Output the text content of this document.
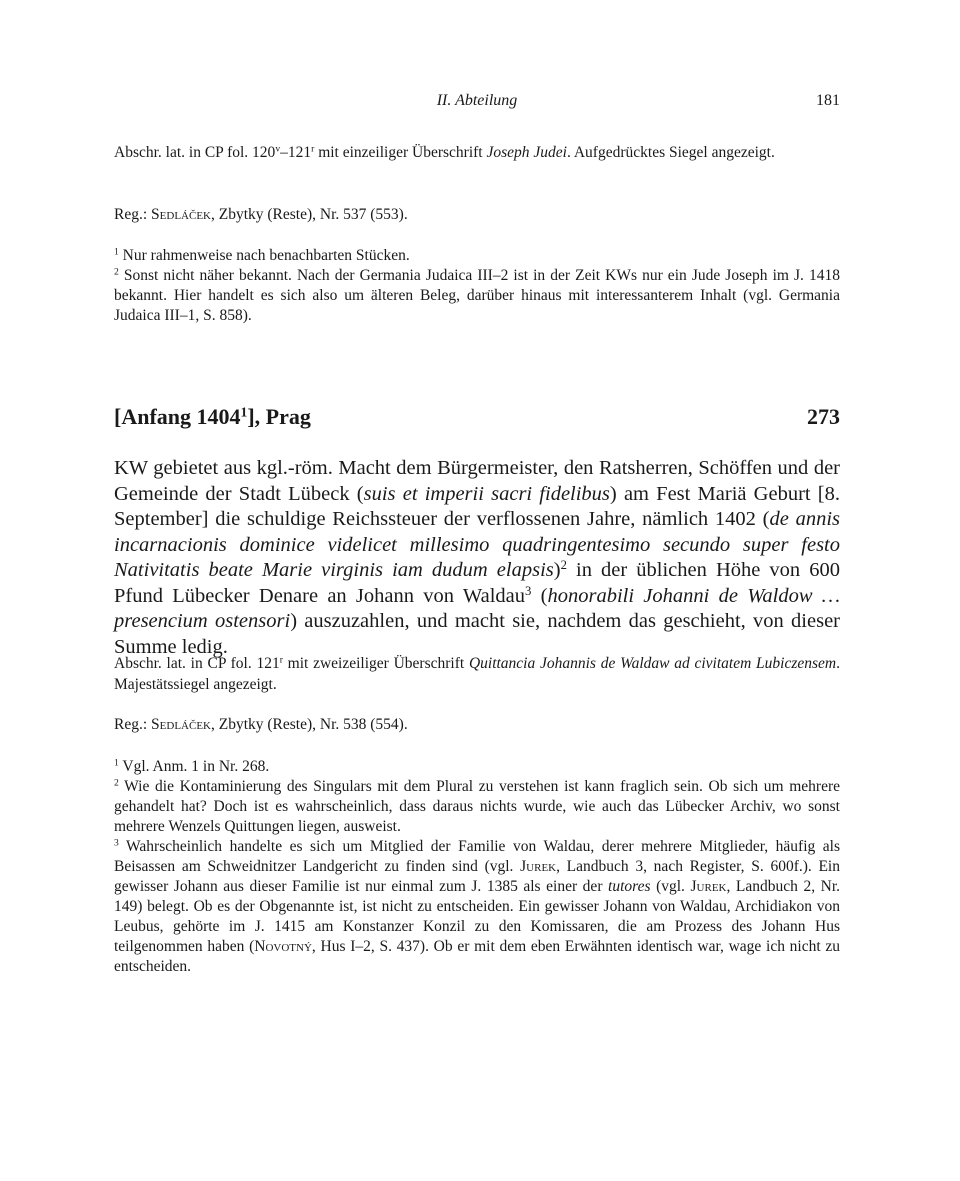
II. Abteilung	181

Abschr. lat. in CP fol. 120$^v$–121$^r$ mit einzeiliger Überschrift Joseph Judei. Aufgedrücktes Siegel angezeigt.

Reg.: Sedláček, Zbytky (Reste), Nr. 537 (553).

$^1$ Nur rahmenweise nach benachbarten Stücken.

$^2$ Sonst nicht näher bekannt. Nach der Germania Judaica III–2 ist in der Zeit KWs nur ein Jude Joseph im J. 1418 bekannt. Hier handelt es sich also um älteren Beleg, darüber hinaus mit interessanterem Inhalt (vgl. Germania Judaica III–1, S. 858).

[Anfang 1404$^1$], Prag	273

KW gebietet aus kgl.-röm. Macht dem Bürgermeister, den Ratsherren, Schöffen und der Gemeinde der Stadt Lübeck (suis et imperii sacri fidelibus) am Fest Mariä Geburt [8. September] die schuldige Reichssteuer der verflossenen Jahre, nämlich 1402 (de annis incarnacionis dominice videlicet millesimo quadringentesimo secundo super festo Nativitatis beate Marie virginis iam dudum elapsis)$^2$ in der üblichen Höhe von 600 Pfund Lübecker Denare an Johann von Waldau$^3$ (honorabili Johanni de Waldow … presencium ostensori) auszuzahlen, und macht sie, nachdem das geschieht, von dieser Summe ledig.

Abschr. lat. in CP fol. 121$^r$ mit zweizeiliger Überschrift Quittancia Johannis de Waldaw ad civitatem Lubiczensem. Majestätssiegel angezeigt.

Reg.: Sedláček, Zbytky (Reste), Nr. 538 (554).

$^1$ Vgl. Anm. 1 in Nr. 268.

$^2$ Wie die Kontaminierung des Singulars mit dem Plural zu verstehen ist kann fraglich sein. Ob sich um mehrere gehandelt hat? Doch ist es wahrscheinlich, dass daraus nichts wurde, wie auch das Lübecker Archiv, wo sonst mehrere Wenzels Quittungen liegen, ausweist.

$^3$ Wahrscheinlich handelte es sich um Mitglied der Familie von Waldau, derer mehrere Mitglieder, häufig als Beisassen am Schweidnitzer Landgericht zu finden sind (vgl. Jurek, Landbuch 3, nach Register, S. 600f.). Ein gewisser Johann aus dieser Familie ist nur einmal zum J. 1385 als einer der tutores (vgl. Jurek, Landbuch 2, Nr. 149) belegt. Ob es der Obgenannte ist, ist nicht zu entscheiden. Ein gewisser Johann von Waldau, Archidiakon von Leubus, gehörte im J. 1415 am Konstanzer Konzil zu den Komissaren, die am Prozess des Johann Hus teilgenommen haben (Novotný, Hus I–2, S. 437). Ob er mit dem eben Erwähnten identisch war, wage ich nicht zu entscheiden.
